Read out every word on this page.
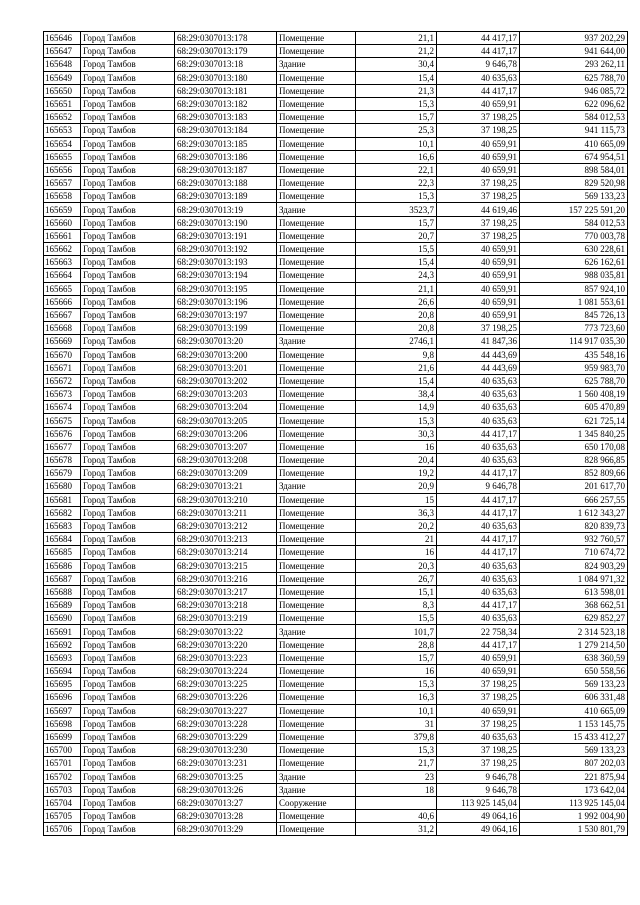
165646	Город Тамбов	68:29:0307013:178	Помещение	21,1	44 417,17	937 202,29
165647	Город Тамбов	68:29:0307013:179	Помещение	21,2	44 417,17	941 644,00
165648	Город Тамбов	68:29:0307013:18	Здание	30,4	9 646,78	293 262,11
165649	Город Тамбов	68:29:0307013:180	Помещение	15,4	40 635,63	625 788,70
165650	Город Тамбов	68:29:0307013:181	Помещение	21,3	44 417,17	946 085,72
165651	Город Тамбов	68:29:0307013:182	Помещение	15,3	40 659,91	622 096,62
165652	Город Тамбов	68:29:0307013:183	Помещение	15,7	37 198,25	584 012,53
165653	Город Тамбов	68:29:0307013:184	Помещение	25,3	37 198,25	941 115,73
165654	Город Тамбов	68:29:0307013:185	Помещение	10,1	40 659,91	410 665,09
165655	Город Тамбов	68:29:0307013:186	Помещение	16,6	40 659,91	674 954,51
165656	Город Тамбов	68:29:0307013:187	Помещение	22,1	40 659,91	898 584,01
165657	Город Тамбов	68:29:0307013:188	Помещение	22,3	37 198,25	829 520,98
165658	Город Тамбов	68:29:0307013:189	Помещение	15,3	37 198,25	569 133,23
165659	Город Тамбов	68:29:0307013:19	Здание	3523,7	44 619,46	157 225 591,20
165660	Город Тамбов	68:29:0307013:190	Помещение	15,7	37 198,25	584 012,53
165661	Город Тамбов	68:29:0307013:191	Помещение	20,7	37 198,25	770 003,78
165662	Город Тамбов	68:29:0307013:192	Помещение	15,5	40 659,91	630 228,61
165663	Город Тамбов	68:29:0307013:193	Помещение	15,4	40 659,91	626 162,61
165664	Город Тамбов	68:29:0307013:194	Помещение	24,3	40 659,91	988 035,81
165665	Город Тамбов	68:29:0307013:195	Помещение	21,1	40 659,91	857 924,10
165666	Город Тамбов	68:29:0307013:196	Помещение	26,6	40 659,91	1 081 553,61
165667	Город Тамбов	68:29:0307013:197	Помещение	20,8	40 659,91	845 726,13
165668	Город Тамбов	68:29:0307013:199	Помещение	20,8	37 198,25	773 723,60
165669	Город Тамбов	68:29:0307013:20	Здание	2746,1	41 847,36	114 917 035,30
165670	Город Тамбов	68:29:0307013:200	Помещение	9,8	44 443,69	435 548,16
165671	Город Тамбов	68:29:0307013:201	Помещение	21,6	44 443,69	959 983,70
165672	Город Тамбов	68:29:0307013:202	Помещение	15,4	40 635,63	625 788,70
165673	Город Тамбов	68:29:0307013:203	Помещение	38,4	40 635,63	1 560 408,19
165674	Город Тамбов	68:29:0307013:204	Помещение	14,9	40 635,63	605 470,89
165675	Город Тамбов	68:29:0307013:205	Помещение	15,3	40 635,63	621 725,14
165676	Город Тамбов	68:29:0307013:206	Помещение	30,3	44 417,17	1 345 840,25
165677	Город Тамбов	68:29:0307013:207	Помещение	16	40 635,63	650 170,08
165678	Город Тамбов	68:29:0307013:208	Помещение	20,4	40 635,63	828 966,85
165679	Город Тамбов	68:29:0307013:209	Помещение	19,2	44 417,17	852 809,66
165680	Город Тамбов	68:29:0307013:21	Здание	20,9	9 646,78	201 617,70
165681	Город Тамбов	68:29:0307013:210	Помещение	15	44 417,17	666 257,55
165682	Город Тамбов	68:29:0307013:211	Помещение	36,3	44 417,17	1 612 343,27
165683	Город Тамбов	68:29:0307013:212	Помещение	20,2	40 635,63	820 839,73
165684	Город Тамбов	68:29:0307013:213	Помещение	21	44 417,17	932 760,57
165685	Город Тамбов	68:29:0307013:214	Помещение	16	44 417,17	710 674,72
165686	Город Тамбов	68:29:0307013:215	Помещение	20,3	40 635,63	824 903,29
165687	Город Тамбов	68:29:0307013:216	Помещение	26,7	40 635,63	1 084 971,32
165688	Город Тамбов	68:29:0307013:217	Помещение	15,1	40 635,63	613 598,01
165689	Город Тамбов	68:29:0307013:218	Помещение	8,3	44 417,17	368 662,51
165690	Город Тамбов	68:29:0307013:219	Помещение	15,5	40 635,63	629 852,27
165691	Город Тамбов	68:29:0307013:22	Здание	101,7	22 758,34	2 314 523,18
165692	Город Тамбов	68:29:0307013:220	Помещение	28,8	44 417,17	1 279 214,50
165693	Город Тамбов	68:29:0307013:223	Помещение	15,7	40 659,91	638 360,59
165694	Город Тамбов	68:29:0307013:224	Помещение	16	40 659,91	650 558,56
165695	Город Тамбов	68:29:0307013:225	Помещение	15,3	37 198,25	569 133,23
165696	Город Тамбов	68:29:0307013:226	Помещение	16,3	37 198,25	606 331,48
165697	Город Тамбов	68:29:0307013:227	Помещение	10,1	40 659,91	410 665,09
165698	Город Тамбов	68:29:0307013:228	Помещение	31	37 198,25	1 153 145,75
165699	Город Тамбов	68:29:0307013:229	Помещение	379,8	40 635,63	15 433 412,27
165700	Город Тамбов	68:29:0307013:230	Помещение	15,3	37 198,25	569 133,23
165701	Город Тамбов	68:29:0307013:231	Помещение	21,7	37 198,25	807 202,03
165702	Город Тамбов	68:29:0307013:25	Здание	23	9 646,78	221 875,94
165703	Город Тамбов	68:29:0307013:26	Здание	18	9 646,78	173 642,04
165704	Город Тамбов	68:29:0307013:27	Сооружение		113 925 145,04	113 925 145,04
165705	Город Тамбов	68:29:0307013:28	Помещение	40,6	49 064,16	1 992 004,90
165706	Город Тамбов	68:29:0307013:29	Помещение	31,2	49 064,16	1 530 801,79
